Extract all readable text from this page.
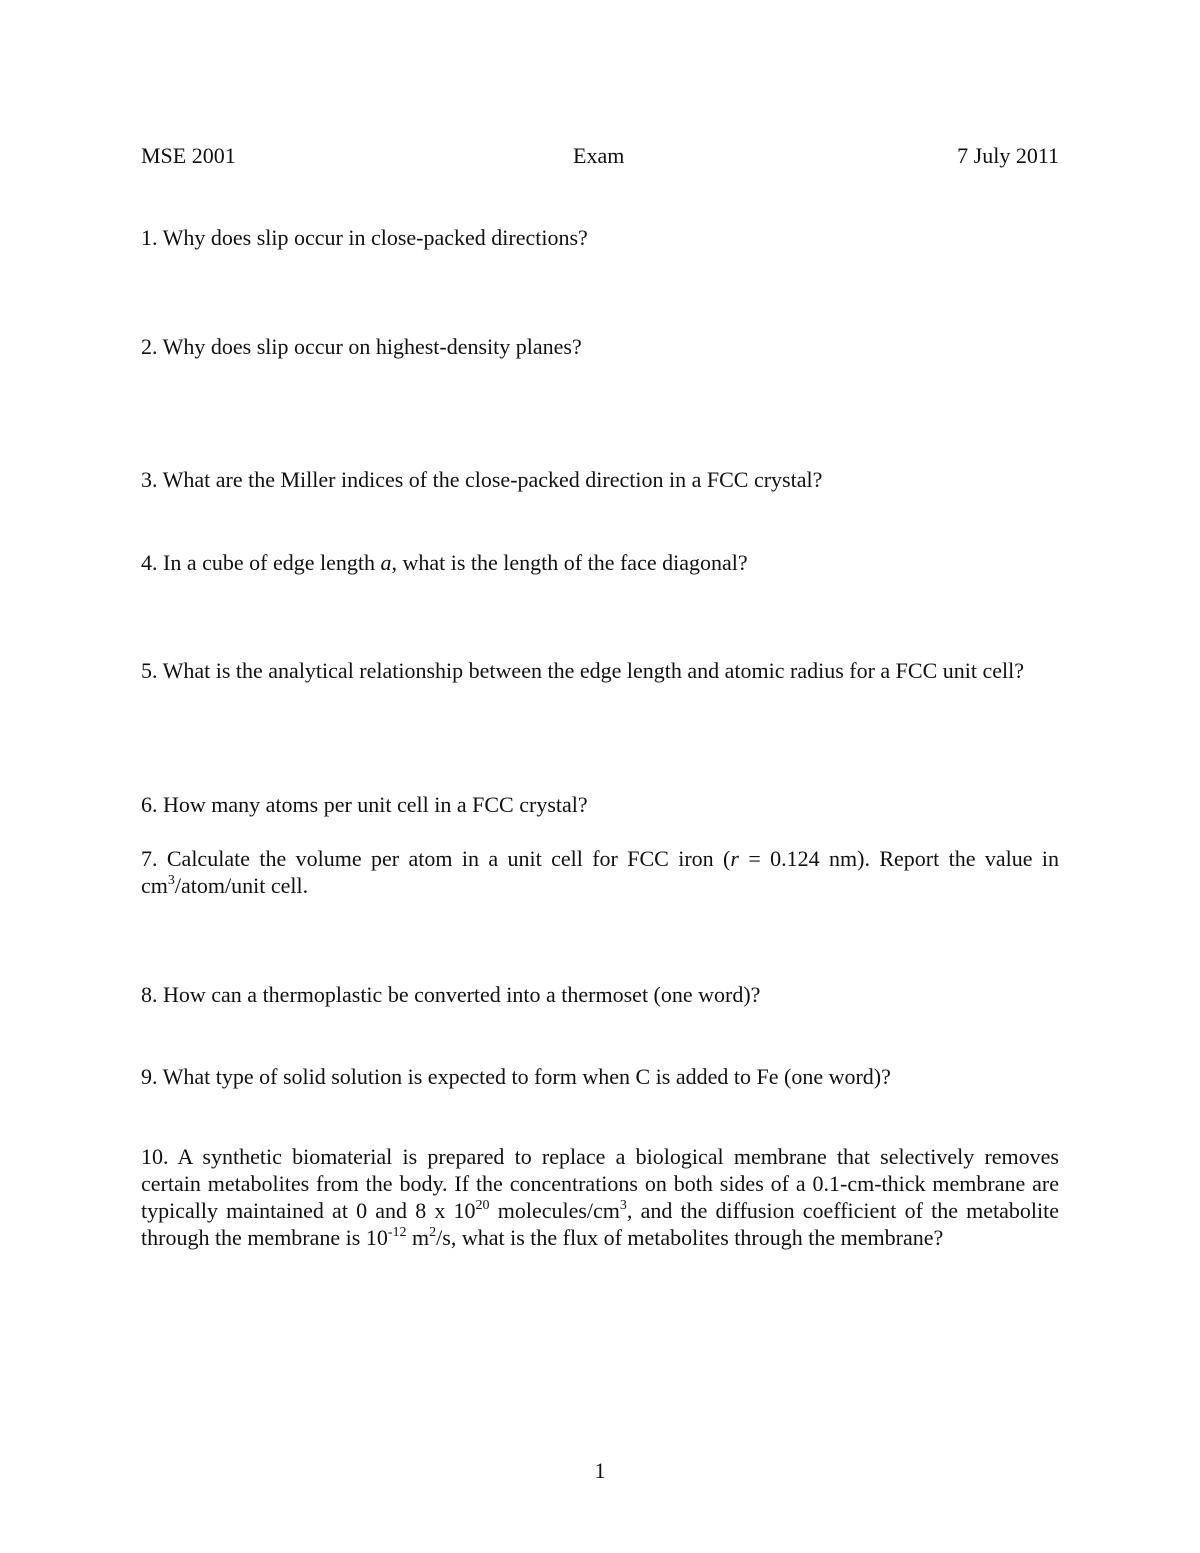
MSE 2001	Exam	7 July 2011

1. Why does slip occur in close-packed directions?

2. Why does slip occur on highest-density planes?

3. What are the Miller indices of the close-packed direction in a FCC crystal?

4. In a cube of edge length a, what is the length of the face diagonal?

5. What is the analytical relationship between the edge length and atomic radius for a FCC unit cell?

6. How many atoms per unit cell in a FCC crystal?

7. Calculate the volume per atom in a unit cell for FCC iron (r = 0.124 nm). Report the value in $cm^3/atom$/unit cell.

8. How can a thermoplastic be converted into a thermoset (one word)?

9. What type of solid solution is expected to form when C is added to Fe (one word)?

10. A synthetic biomaterial is prepared to replace a biological membrane that selectively removes certain metabolites from the body. If the concentrations on both sides of a 0.1-cm-thick membrane are typically maintained at 0 and 8 x $10^{20}$ molecules/$cm^3$, and the diffusion coefficient of the metabolite through the membrane is $10^{-12}$ $m^2/s$, what is the flux of metabolites through the membrane?

1
